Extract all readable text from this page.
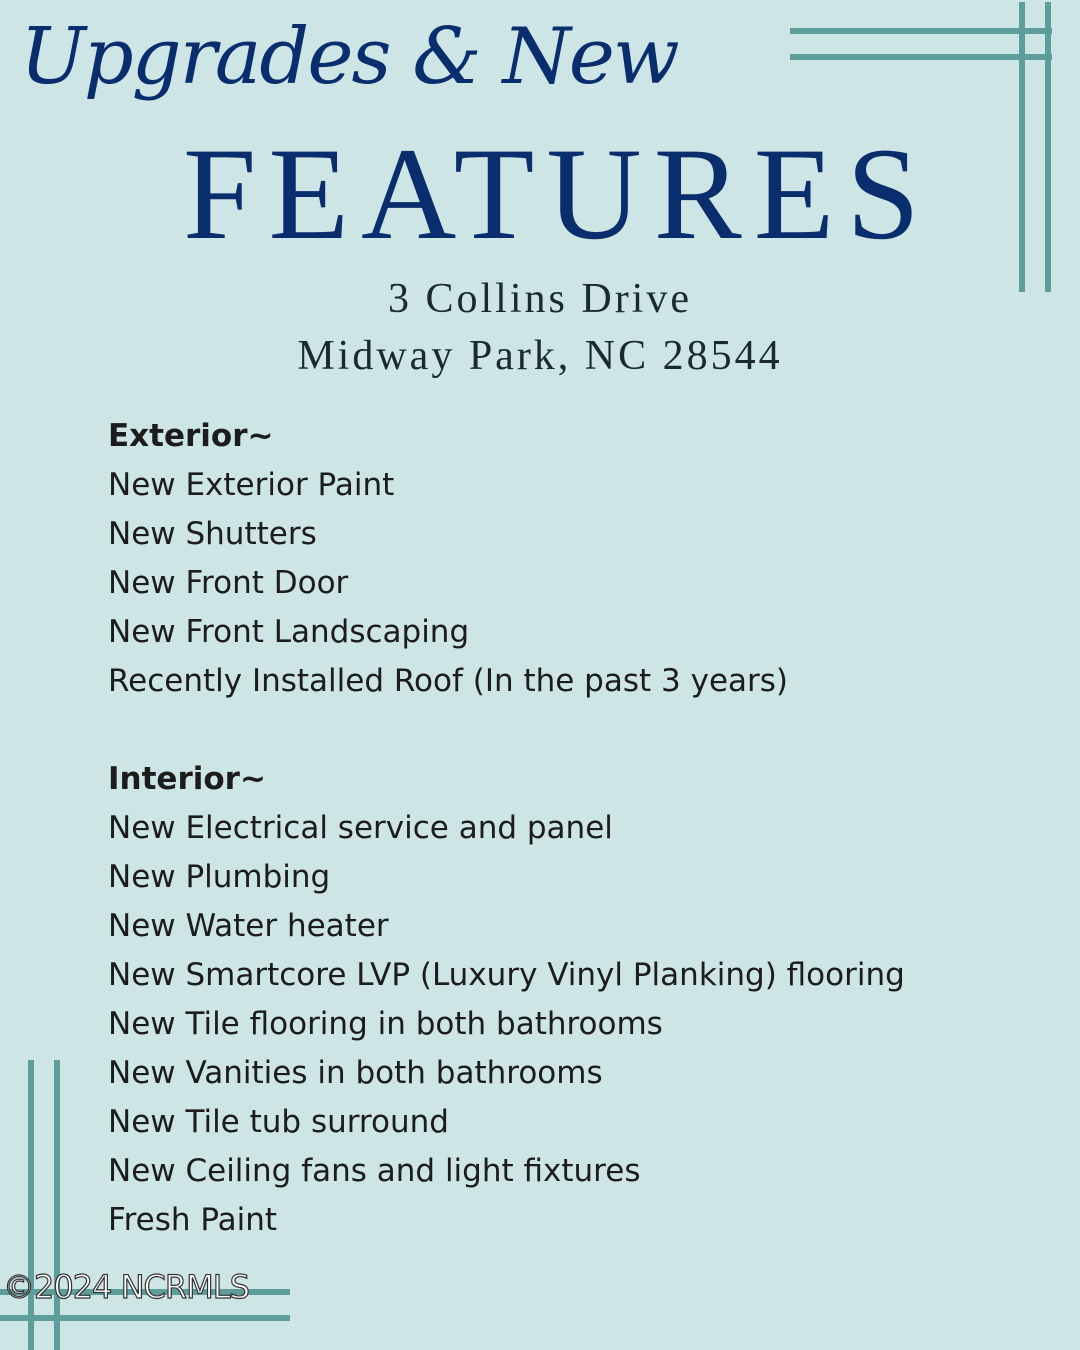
Upgrades & New
FEATURES
3 Collins Drive
Midway Park, NC 28544
Exterior~
New Exterior Paint
New Shutters
New Front Door
New Front Landscaping
Recently Installed Roof (In the past 3 years)
Interior~
New Electrical service and panel
New Plumbing
New Water heater
New Smartcore LVP (Luxury Vinyl Planking) flooring
New Tile flooring in both bathrooms
New Vanities in both bathrooms
New Tile tub surround
New Ceiling fans and light fixtures
Fresh Paint
©2024 NCRMLS
